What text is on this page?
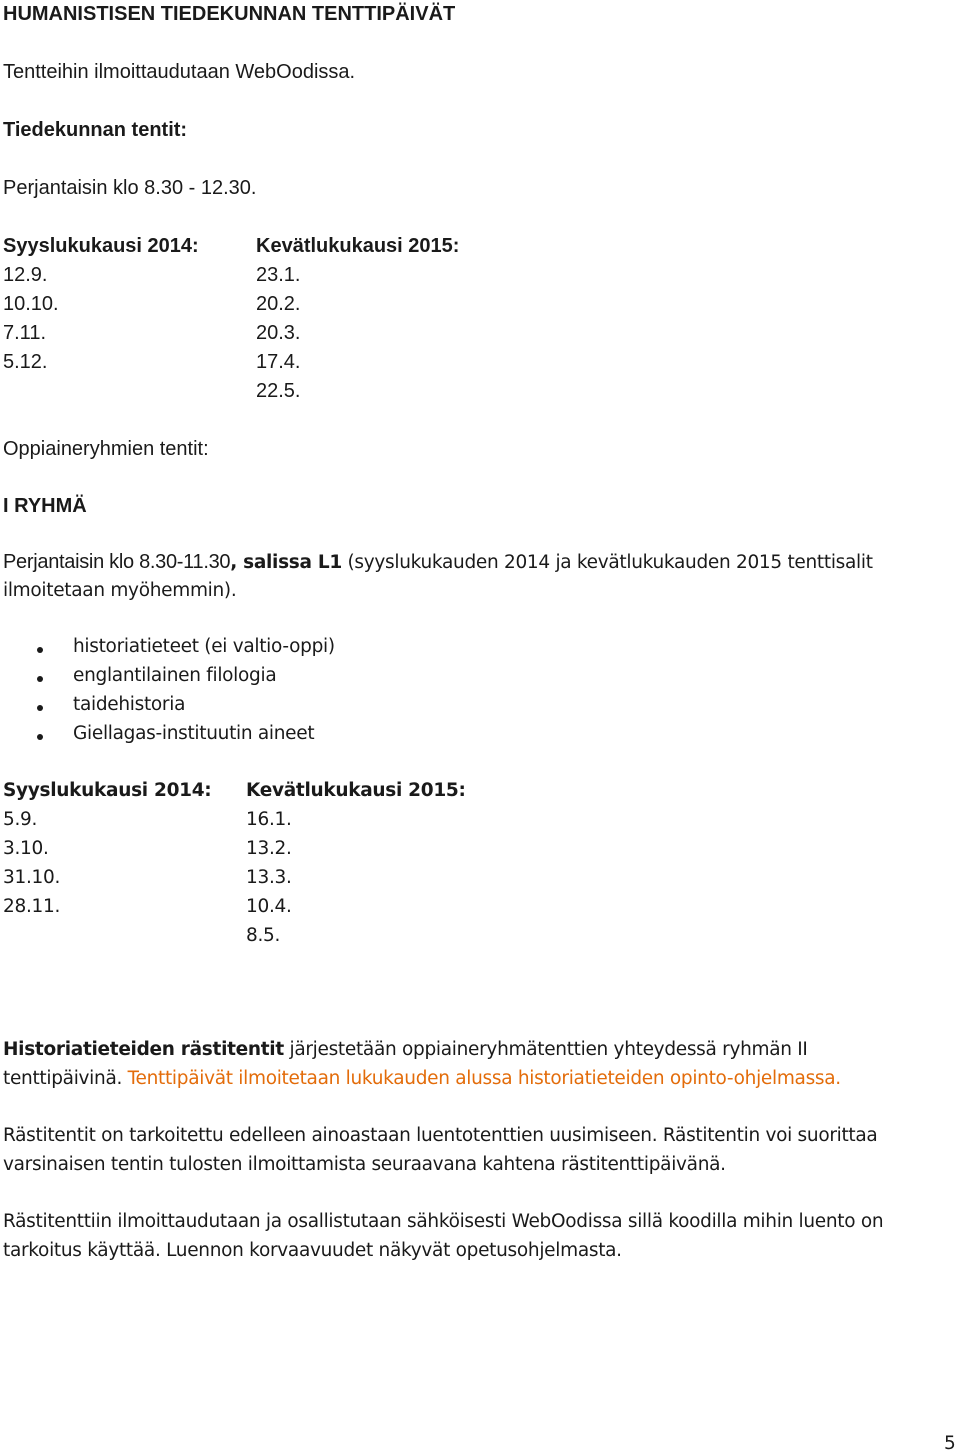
HUMANISTISEN TIEDEKUNNAN TENTTIPÄIVÄT
Tentteihin ilmoittaudutaan WebOodissa.
Tiedekunnan tentit:
Perjantaisin klo 8.30 - 12.30.
Syyslukukausi 2014:	Kevätlukukausi 2015:
12.9.
10.10.
7.11.
5.12.
23.1.
20.2.
20.3.
17.4.
22.5.
Oppiaineryhmien tentit:
I RYHMÄ
Perjantaisin klo 8.30-11.30, salissa L1 (syyslukukauden 2014 ja kevätlukukauden 2015 tenttisalit
ilmoitetaan myöhemmin).
historiatieteet (ei valtio-oppi)
englantilainen filologia
taidehistoria
Giellagas-instituutin aineet
Syyslukukausi 2014: Kevätlukukausi 2015:
5.9.
3.10.
31.10.
28.11.
16.1.
13.2.
13.3.
10.4.
8.5.
Historiatieteiden rästitentit järjestetään oppiaineryhmätenttien yhteydessä ryhmän II
tenttipäivinä. Tenttipäivät ilmoitetaan lukukauden alussa historiatieteiden opinto-ohjelmassa.
Rästitentit on tarkoitettu edelleen ainoastaan luentotenttien uusimiseen. Rästitentin voi suorittaa
varsinaisen tentin tulosten ilmoittamista seuraavana kahtena rästitenttipäivänä.
Rästitenttiin ilmoittaudutaan ja osallistutaan sähköisesti WebOodissa sillä koodilla mihin luento on
tarkoitus käyttää. Luennon korvaavuudet näkyvät opetusohjelmasta.
5
